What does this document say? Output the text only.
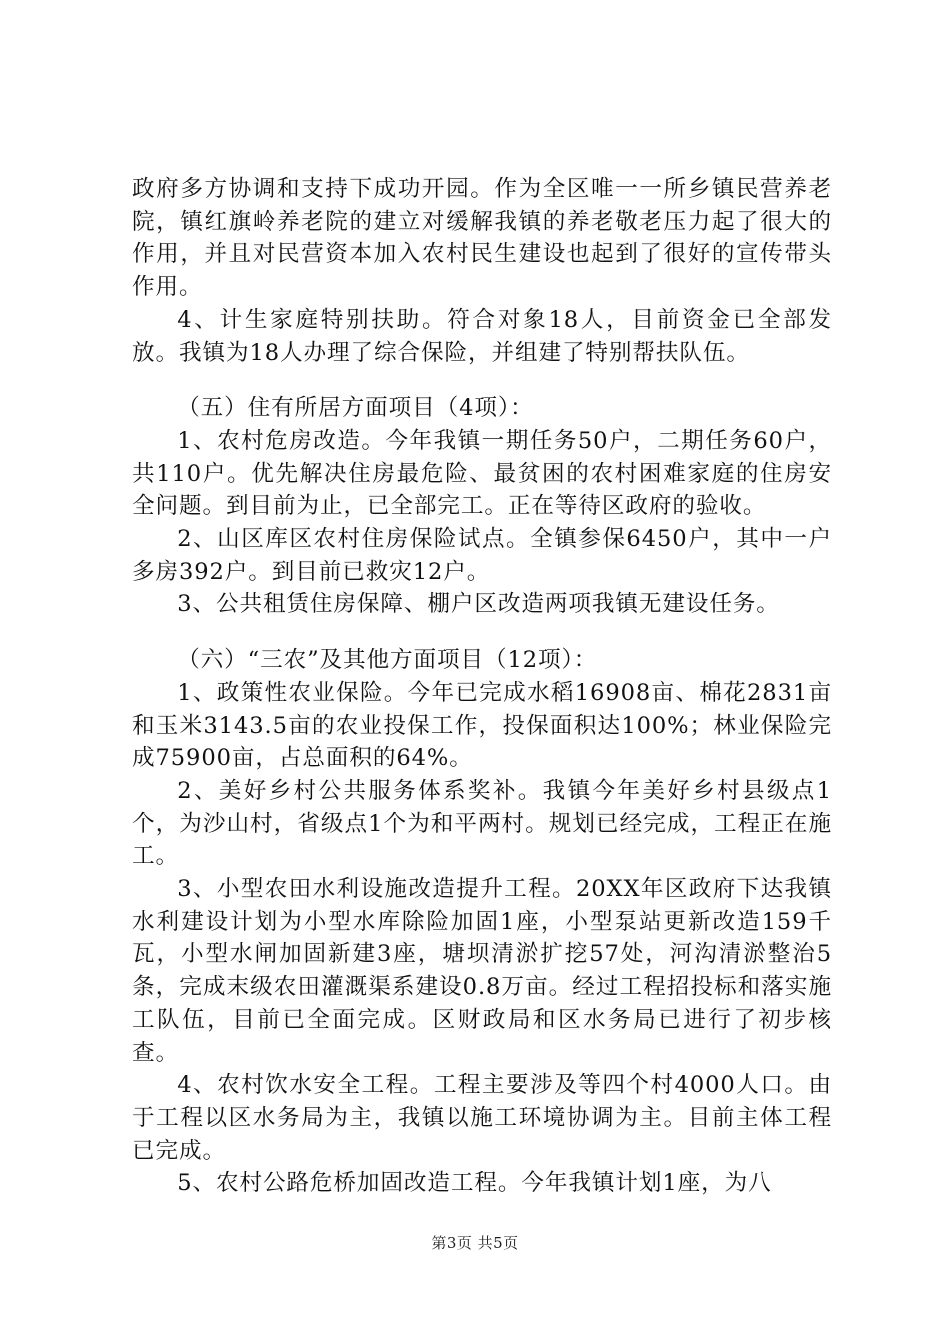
政府多方协调和支持下成功开园。作为全区唯一一所乡镇民营养老院，镇红旗岭养老院的建立对缓解我镇的养老敬老压力起了很大的作用，并且对民营资本加入农村民生建设也起到了很好的宣传带头作用。

4、计生家庭特别扶助。符合对象18人，目前资金已全部发放。我镇为18人办理了综合保险，并组建了特别帮扶队伍。

（五）住有所居方面项目（4项）：

1、农村危房改造。今年我镇一期任务50户，二期任务60户，共110户。优先解决住房最危险、最贫困的农村困难家庭的住房安全问题。到目前为止，已全部完工。正在等待区政府的验收。

2、山区库区农村住房保险试点。全镇参保6450户，其中一户多房392户。到目前已救灾12户。

3、公共租赁住房保障、棚户区改造两项我镇无建设任务。

（六）“三农”及其他方面项目（12项）：

1、政策性农业保险。今年已完成水稻16908亩、棉花2831亩和玉米3143.5亩的农业投保工作，投保面积达100%；林业保险完成75900亩，占总面积的64%。

2、美好乡村公共服务体系奖补。我镇今年美好乡村县级点1个，为沙山村，省级点1个为和平两村。规划已经完成，工程正在施工。

3、小型农田水利设施改造提升工程。20XX年区政府下达我镇水利建设计划为小型水库除险加固1座，小型泵站更新改造159千瓦，小型水闸加固新建3座，塘坝清淤扩挖57处，河沟清淤整治5条，完成末级农田灌溉渠系建设0.8万亩。经过工程招投标和落实施工队伍，目前已全面完成。区财政局和区水务局已进行了初步核查。

4、农村饮水安全工程。工程主要涉及等四个村4000人口。由于工程以区水务局为主，我镇以施工环境协调为主。目前主体工程已完成。

5、农村公路危桥加固改造工程。今年我镇计划1座，为八

第3页 共5页
